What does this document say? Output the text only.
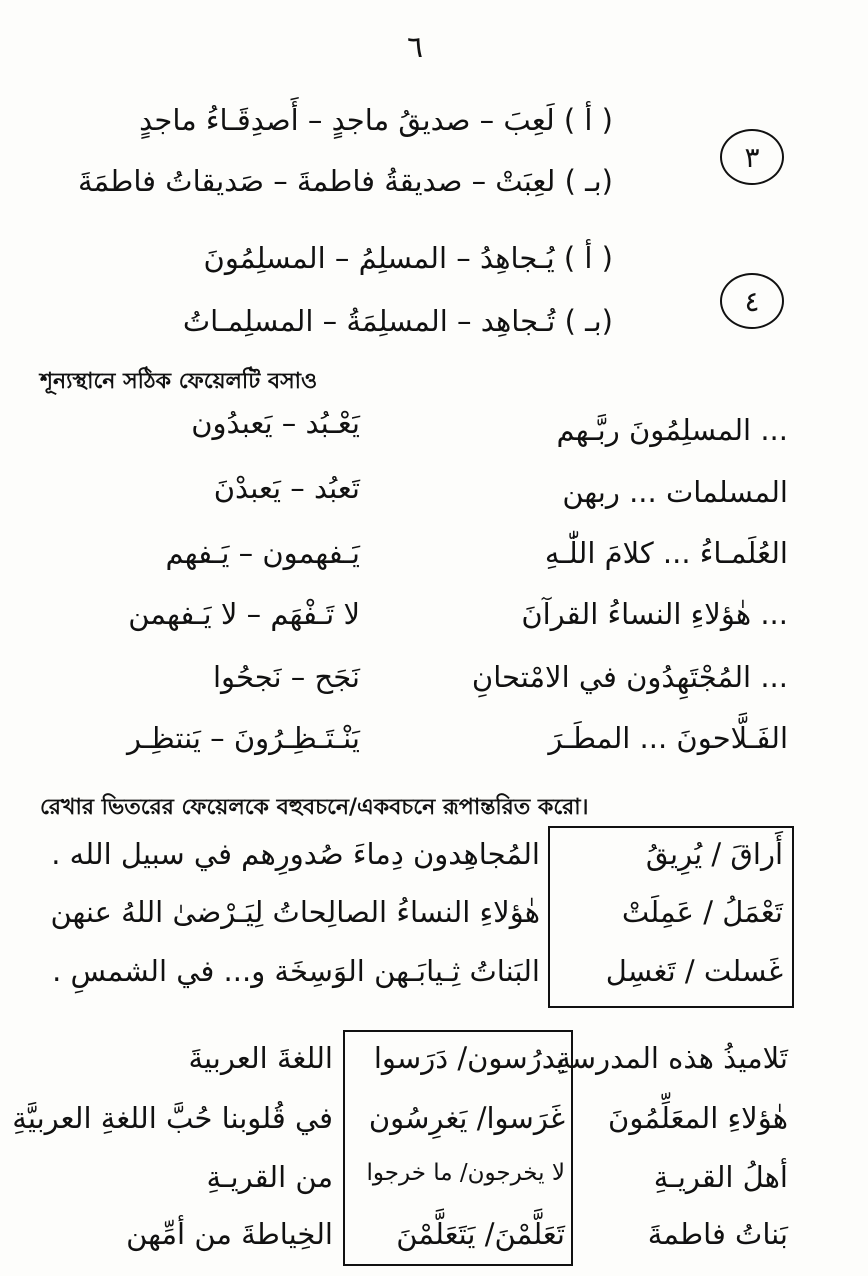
٦
٣
( أ ) لَعِبَ – صديقُ ماجدٍ – أَصدِقَـاءُ ماجدٍ
(بـ ) لعِبَتْ – صديقةُ فاطمةَ – صَديقاتُ فاطمَةَ
٤
( أ ) يُـجاهِدُ – المسلِمُ – المسلِمُونَ
(بـ ) تُـجاهِد – المسلِمَةُ – المسلِمـاتُ
শূন্যস্থানে সঠিক ফেয়েলটি বসাও
... المسلِمُونَ ربَّـهم
يَعْـبُد – يَعبدُون
المسلمات ... ربهن
تَعبُد – يَعبدْنَ
العُلَمـاءُ ... كلامَ اللّٰـهِ
يَـفهمون – يَـفهم
... هٰؤلاءِ النساءُ القرآنَ
لا تَـفْهَم – لا يَـفهمن
... المُجْتَهِدُون في الامْتحانِ
نَجَح – نَجحُوا
الفَـلَّاحونَ ... المطَـرَ
يَنْـتَـظِـرُونَ – يَنتظِـر
রেখার ভিতরের ফেয়েলকে বহুবচনে/একবচনে রূপান্তরিত করো।
أَراقَ / يُرِيقُ
تَعْمَلُ / عَمِلَتْ
غَسلت / تَغسِل
المُجاهِدون دِماءَ صُدورِهم في سبيل الله .
هٰؤلاءِ النساءُ الصالِحاتُ لِيَـرْضىٰ اللهُ عنهن
البَناتُ ثِـيابَـهن الوَسِخَة و... في الشمسِ .
تَلاميذُ هذه المدرسةِ
هٰؤلاءِ المعَلِّمُونَ
أهلُ القريـةِ
بَناتُ فاطمةَ
يدرُسون/ دَرَسوا
غَرَسوا/ يَغرِسُون
لا يخرجون/ ما خرجوا
تَعَلَّمْنَ/ يَتَعَلَّمْنَ
اللغةَ العربيةَ
في قُلوبنا حُبَّ اللغةِ العربيَّةِ
من القريـةِ
الخِياطةَ من أمِّهن
